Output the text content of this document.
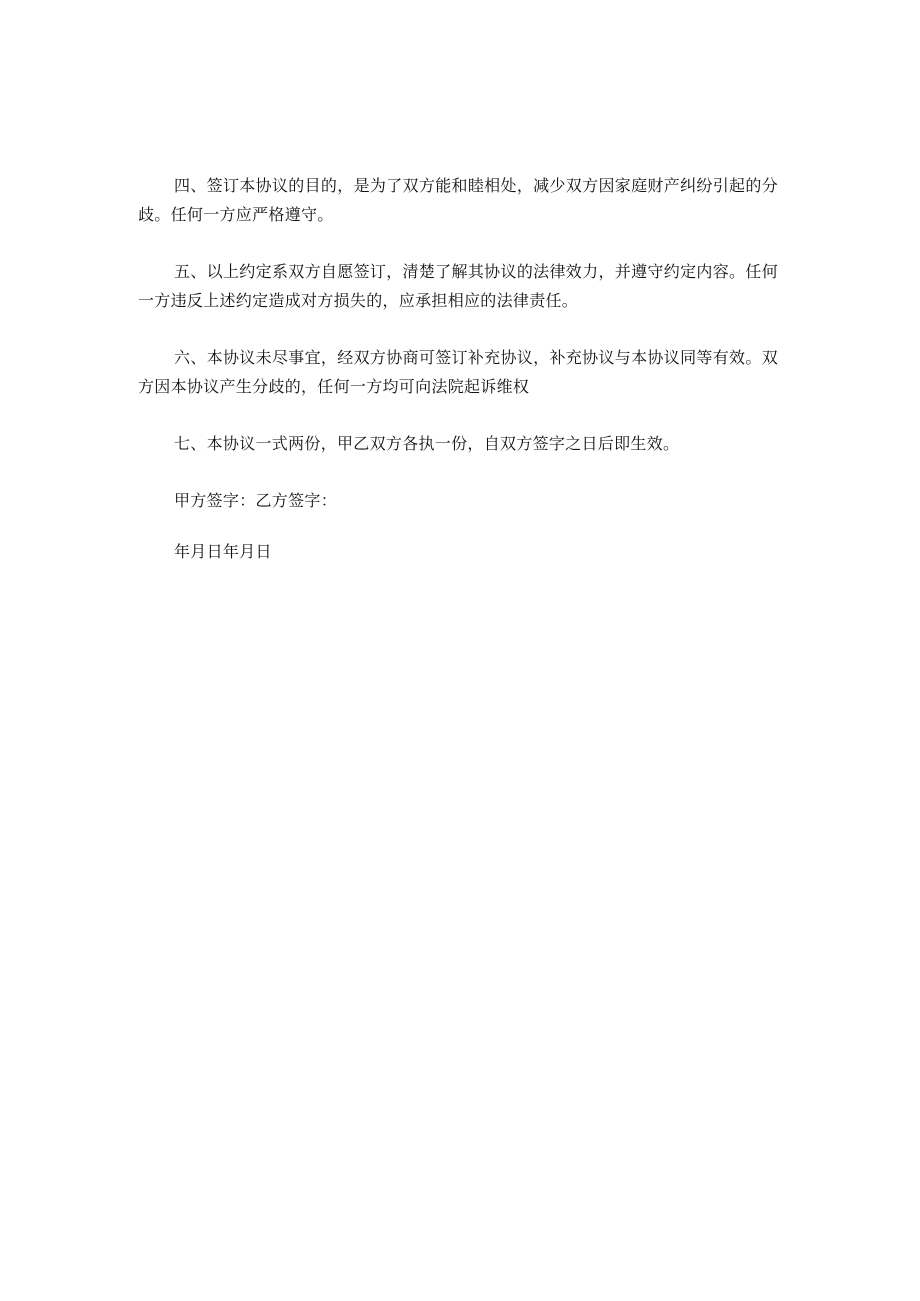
四、签订本协议的目的，是为了双方能和睦相处，减少双方因家庭财产纠纷引起的分歧。任何一方应严格遵守。

五、以上约定系双方自愿签订，清楚了解其协议的法律效力，并遵守约定内容。任何一方违反上述约定造成对方损失的，应承担相应的法律责任。

六、本协议未尽事宜，经双方协商可签订补充协议，补充协议与本协议同等有效。双方因本协议产生分歧的，任何一方均可向法院起诉维权

七、本协议一式两份，甲乙双方各执一份，自双方签字之日后即生效。

甲方签字：乙方签字：

年月日年月日
